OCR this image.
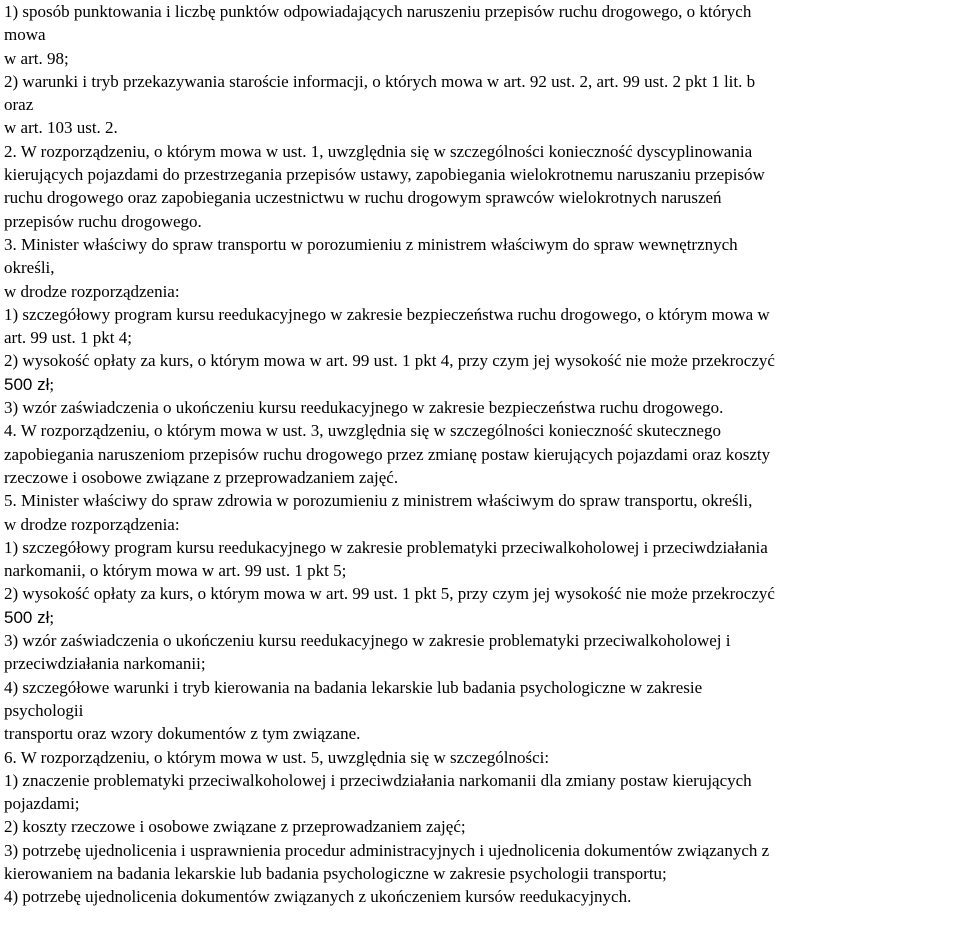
1) sposób punktowania i liczbę punktów odpowiadających naruszeniu przepisów ruchu drogowego, o których
mowa
w art. 98;
2) warunki i tryb przekazywania staroście informacji, o których mowa w art. 92 ust. 2, art. 99 ust. 2 pkt 1 lit. b
oraz
w art. 103 ust. 2.
2. W rozporządzeniu, o którym mowa w ust. 1, uwzględnia się w szczególności konieczność dyscyplinowania
kierujących pojazdami do przestrzegania przepisów ustawy, zapobiegania wielokrotnemu naruszaniu przepisów
ruchu drogowego oraz zapobiegania uczestnictwu w ruchu drogowym sprawców wielokrotnych naruszeń
przepisów ruchu drogowego.
3. Minister właściwy do spraw transportu w porozumieniu z ministrem właściwym do spraw wewnętrznych
określi,
w drodze rozporządzenia:
1) szczegółowy program kursu reedukacyjnego w zakresie bezpieczeństwa ruchu drogowego, o którym mowa w
art. 99 ust. 1 pkt 4;
2) wysokość opłaty za kurs, o którym mowa w art. 99 ust. 1 pkt 4, przy czym jej wysokość nie może przekroczyć
500 zł;
3) wzór zaświadczenia o ukończeniu kursu reedukacyjnego w zakresie bezpieczeństwa ruchu drogowego.
4. W rozporządzeniu, o którym mowa w ust. 3, uwzględnia się w szczególności konieczność skutecznego
zapobiegania naruszeniom przepisów ruchu drogowego przez zmianę postaw kierujących pojazdami oraz koszty
rzeczowe i osobowe związane z przeprowadzaniem zajęć.
5. Minister właściwy do spraw zdrowia w porozumieniu z ministrem właściwym do spraw transportu, określi,
w drodze rozporządzenia:
1) szczegółowy program kursu reedukacyjnego w zakresie problematyki przeciwalkoholowej i przeciwdziałania
narkomanii, o którym mowa w art. 99 ust. 1 pkt 5;
2) wysokość opłaty za kurs, o którym mowa w art. 99 ust. 1 pkt 5, przy czym jej wysokość nie może przekroczyć
500 zł;
3) wzór zaświadczenia o ukończeniu kursu reedukacyjnego w zakresie problematyki przeciwalkoholowej i
przeciwdziałania narkomanii;
4) szczegółowe warunki i tryb kierowania na badania lekarskie lub badania psychologiczne w zakresie
psychologii
transportu oraz wzory dokumentów z tym związane.
6. W rozporządzeniu, o którym mowa w ust. 5, uwzględnia się w szczególności:
1) znaczenie problematyki przeciwalkoholowej i przeciwdziałania narkomanii dla zmiany postaw kierujących
pojazdami;
2) koszty rzeczowe i osobowe związane z przeprowadzaniem zajęć;
3) potrzebę ujednolicenia i usprawnienia procedur administracyjnych i ujednolicenia dokumentów związanych z
kierowaniem na badania lekarskie lub badania psychologiczne w zakresie psychologii transportu;
4) potrzebę ujednolicenia dokumentów związanych z ukończeniem kursów reedukacyjnych.
